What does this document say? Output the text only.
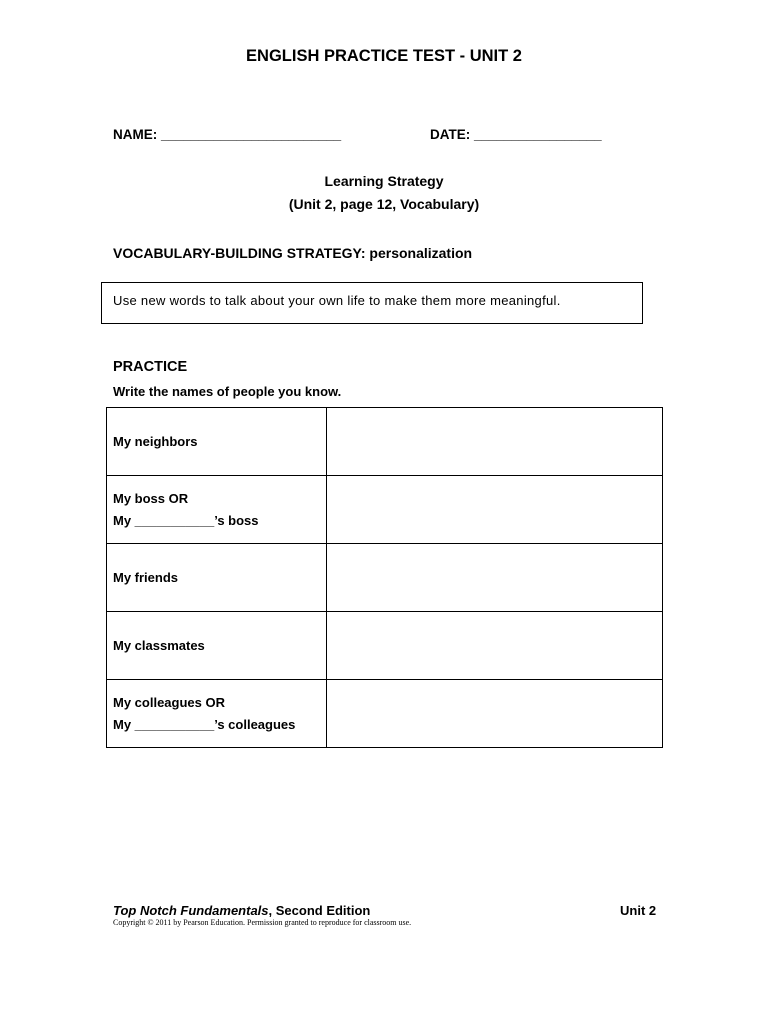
ENGLISH PRACTICE TEST - UNIT 2
NAME: ________________________	DATE: _________________
Learning Strategy
(Unit 2, page 12, Vocabulary)
VOCABULARY-BUILDING STRATEGY: personalization
Use new words to talk about your own life to make them more meaningful.
PRACTICE
Write the names of people you know.
My neighbors	

My boss OR
My ___________’s boss	

My friends	

My classmates	

My colleagues OR
My ___________’s colleagues	

Top Notch Fundamentals, Second Edition	Unit 2
Copyright © 2011 by Pearson Education. Permission granted to reproduce for classroom use.
